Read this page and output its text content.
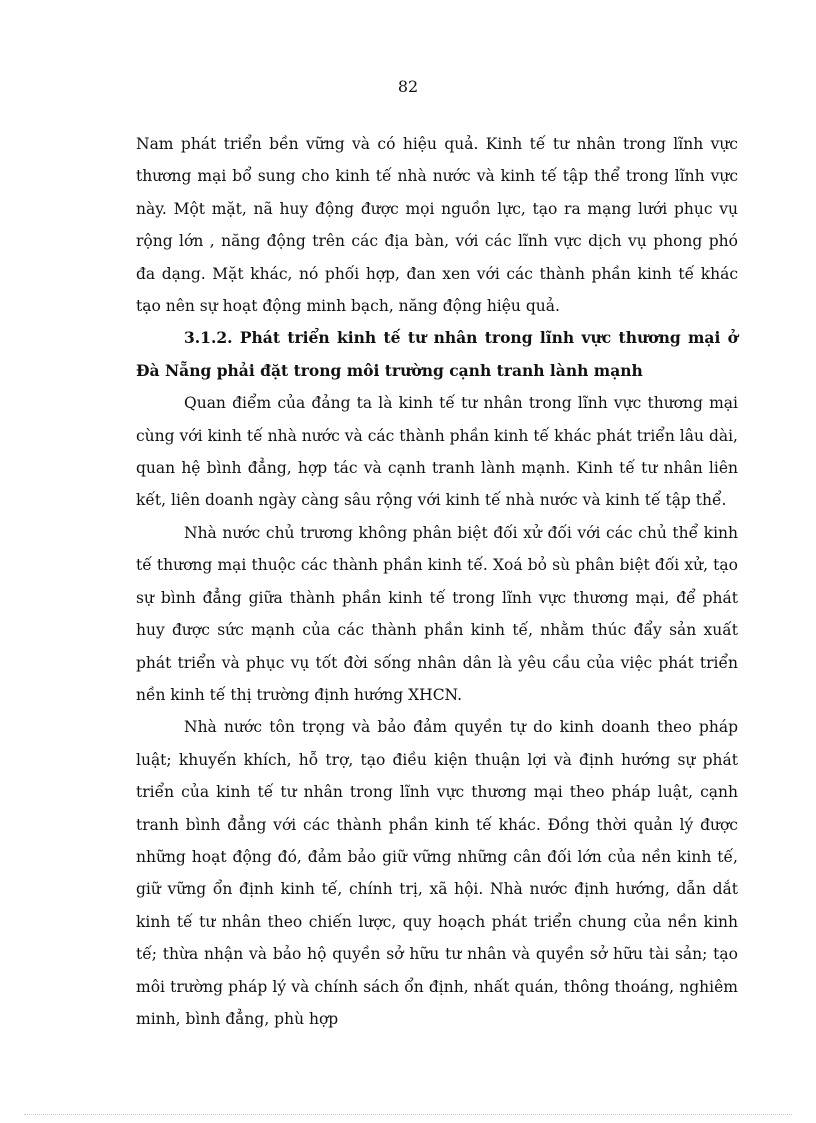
82

Nam phát triển bền vững và có hiệu quả. Kinh tế tư nhân trong lĩnh vực thương mại bổ sung cho kinh tế nhà nước và kinh tế tập thể trong lĩnh vực này. Một mặt, nã huy động được mọi nguồn lực, tạo ra mạng lưới phục vụ rộng lớn , năng động trên các địa bàn, với các lĩnh vực dịch vụ phong phó đa dạng. Mặt khác, nó phối hợp, đan xen với các thành phần kinh tế khác tạo nên sự hoạt động minh bạch, năng động hiệu quả.

3.1.2. Phát triển kinh tế tư nhân trong lĩnh vực thương mại ở Đà Nẵng phải đặt trong môi trường cạnh tranh lành mạnh

Quan điểm của đảng ta là kinh tế tư nhân trong lĩnh vực thương mại cùng với kinh tế nhà nước và các thành phần kinh tế khác phát triển lâu dài, quan hệ bình đẳng, hợp tác và cạnh tranh lành mạnh. Kinh tế tư nhân liên kết, liên doanh ngày càng sâu rộng với kinh tế nhà nước và kinh tế tập thể.

Nhà nước chủ trương không phân biệt đối xử đối với các chủ thể kinh tế thương mại thuộc các thành phần kinh tế. Xoá bỏ sù phân biệt đối xử, tạo sự bình đẳng giữa thành phần kinh tế trong lĩnh vực thương mại, để phát huy được sức mạnh của các thành phần kinh tế, nhằm thúc đẩy sản xuất phát triển và phục vụ tốt đời sống nhân dân là yêu cầu của việc phát triển nền kinh tế thị trường định hướng XHCN.

Nhà nước tôn trọng và bảo đảm quyền tự do kinh doanh theo pháp luật; khuyến khích, hỗ trợ, tạo điều kiện thuận lợi và định hướng sự phát triển của kinh tế tư nhân trong lĩnh vực thương mại theo pháp luật, cạnh tranh bình đẳng với các thành phần kinh tế khác. Đồng thời quản lý được những hoạt động đó, đảm bảo giữ vững những cân đối lớn của nền kinh tế, giữ vững ổn định kinh tế, chính trị, xã hội. Nhà nước định hướng, dẫn dắt kinh tế tư nhân theo chiến lược, quy hoạch phát triển chung của nền kinh tế; thừa nhận và bảo hộ quyền sở hữu tư nhân và quyền sở hữu tài sản; tạo môi trường pháp lý và chính sách ổn định, nhất quán, thông thoáng, nghiêm minh, bình đẳng, phù hợp
